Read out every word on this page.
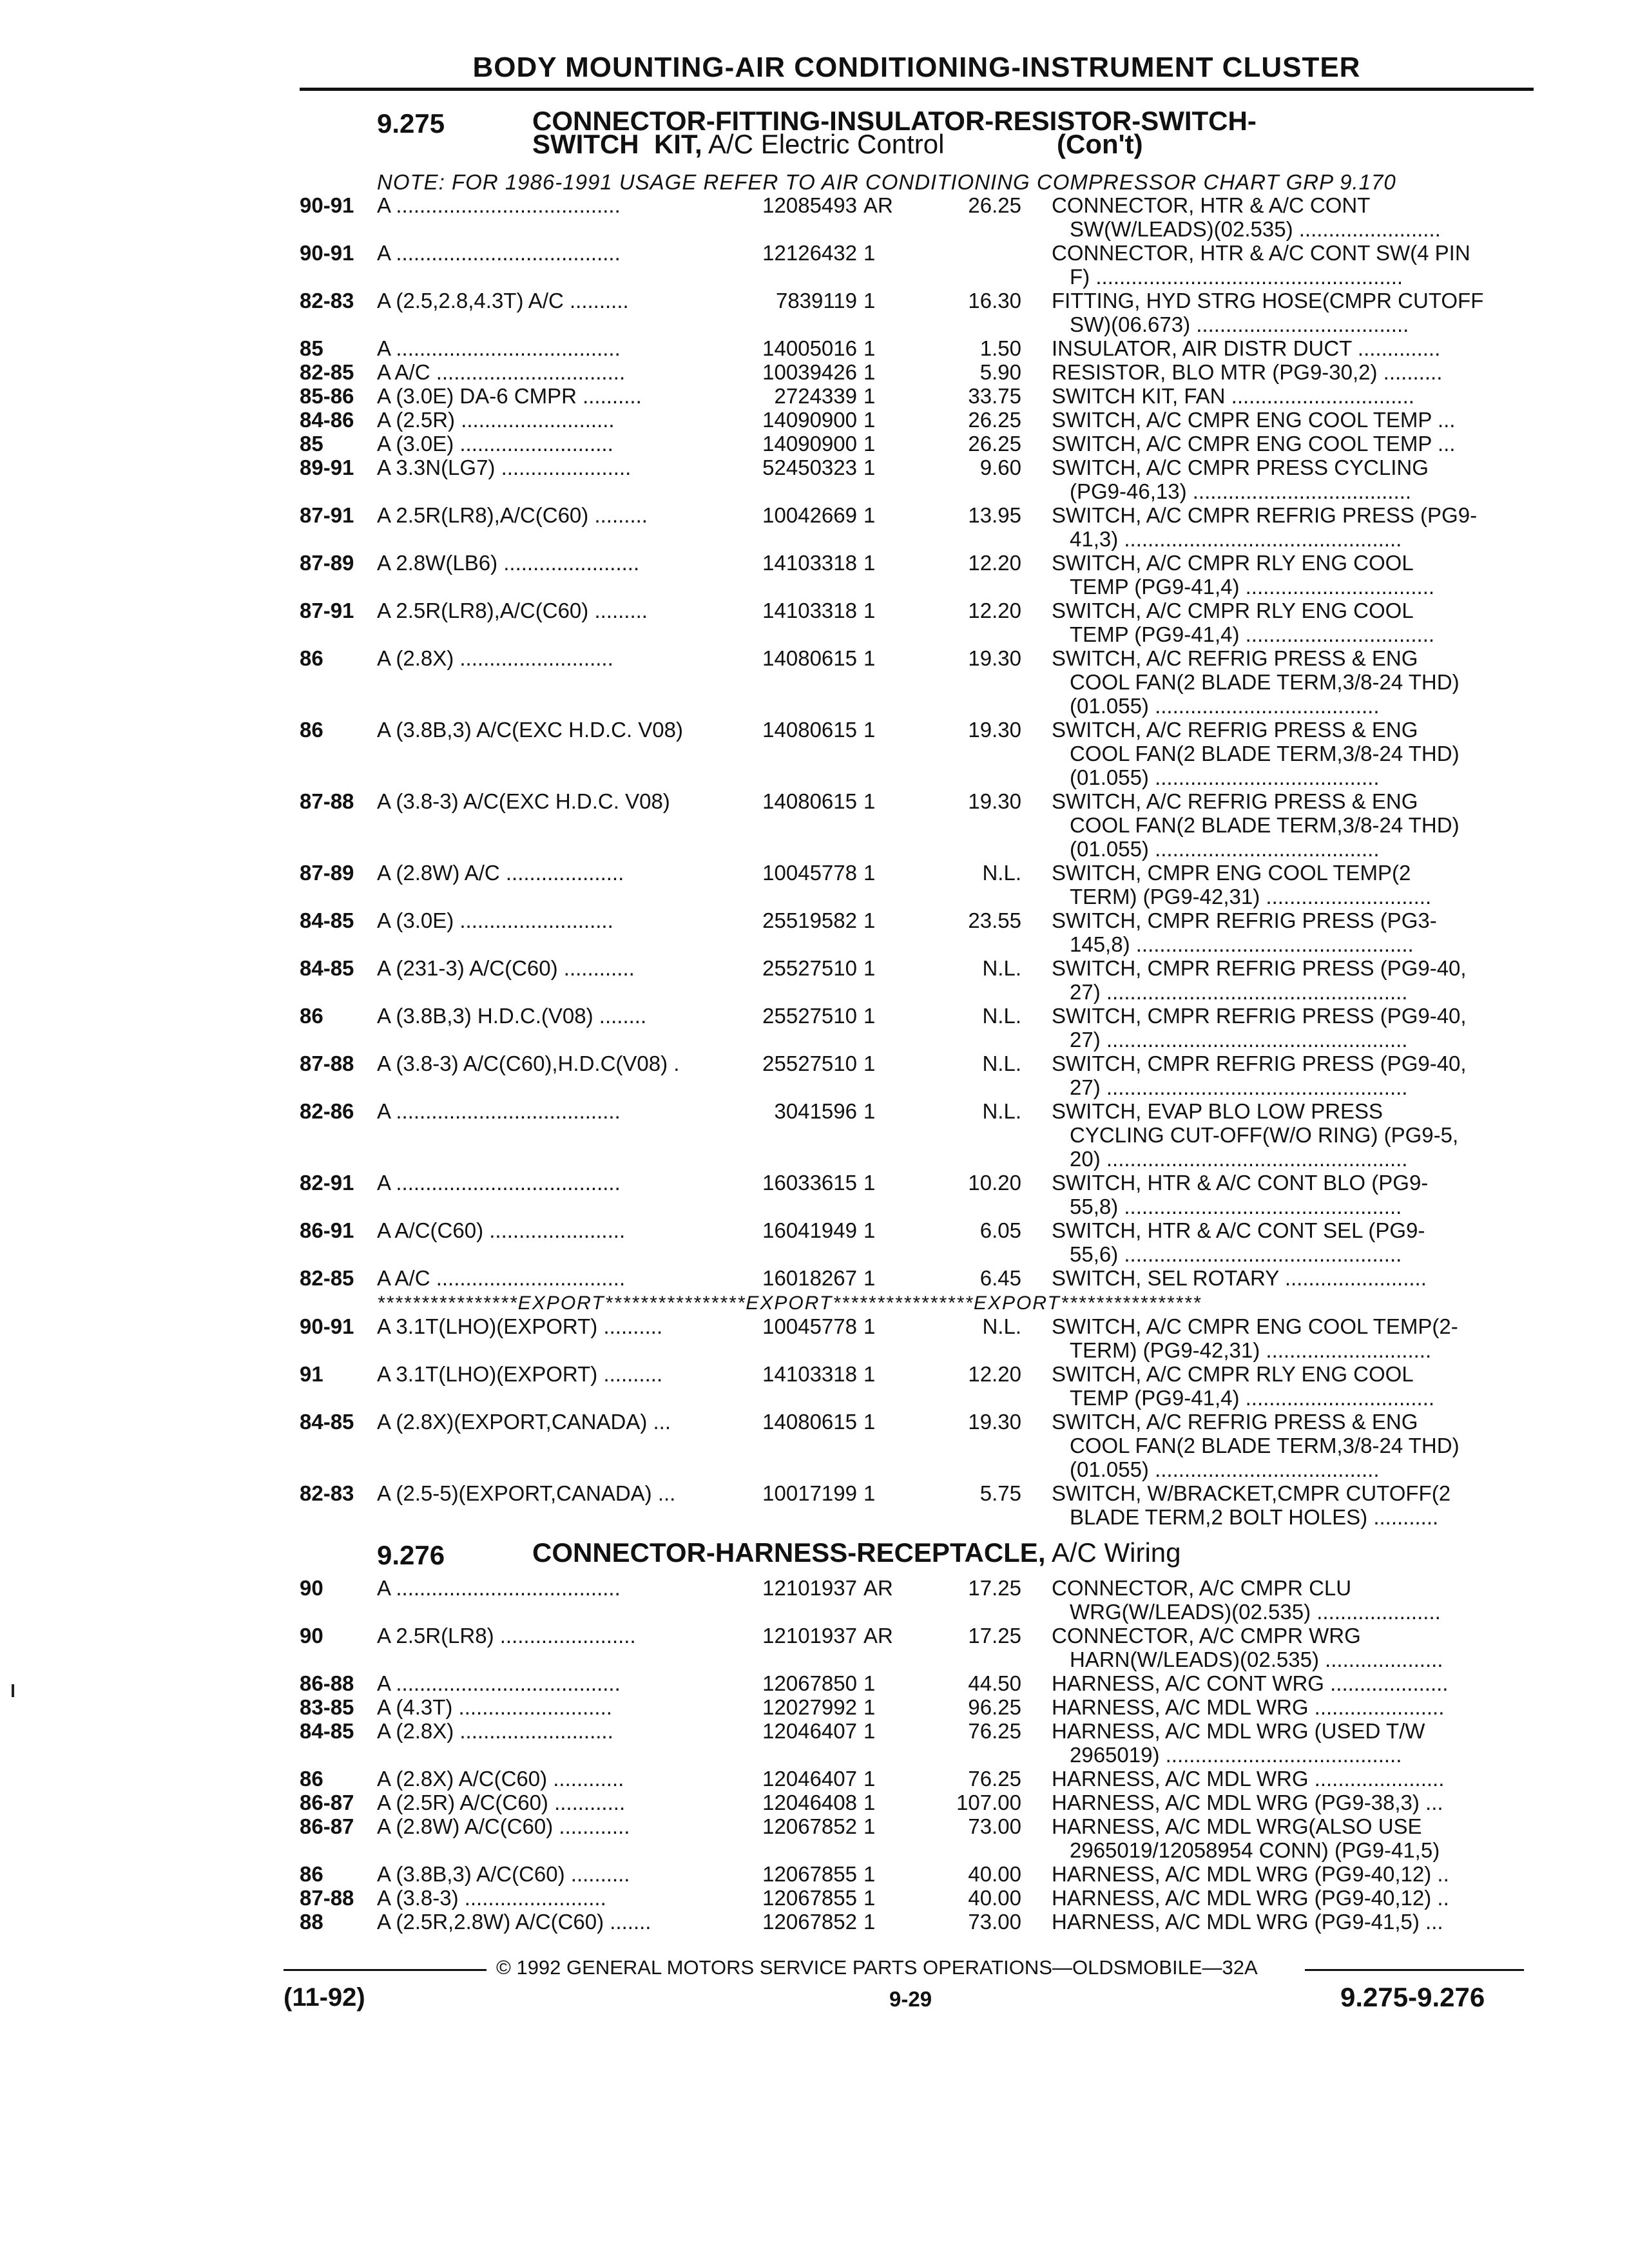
BODY MOUNTING-AIR CONDITIONING-INSTRUMENT CLUSTER
9.275	CONNECTOR-FITTING-INSULATOR-RESISTOR-SWITCH-
SWITCH  KIT, A/C Electric Control	(Con't)
NOTE: FOR 1986-1991 USAGE REFER TO AIR CONDITIONING COMPRESSOR CHART GRP 9.170
90-91 A ......................................	12085493 AR	26.25 CONNECTOR, HTR & A/C CONT
SW(W/LEADS)(02.535) ........................
90-91 A ......................................	12126432 1	CONNECTOR, HTR & A/C CONT SW(4 PIN
F) ....................................................
82-83 A (2.5,2.8,4.3T) A/C ..........	7839119 1	16.30 FITTING, HYD STRG HOSE(CMPR CUTOFF
SW)(06.673) ....................................
85	A ......................................	14005016 1	1.50 INSULATOR, AIR DISTR DUCT ..............
82-85 A A/C ................................	10039426 1	5.90 RESISTOR, BLO MTR (PG9-30,2) ..........
85-86 A (3.0E) DA-6 CMPR ..........	2724339 1	33.75 SWITCH KIT, FAN ...............................
84-86 A (2.5R) ..........................	14090900 1	26.25 SWITCH, A/C CMPR ENG COOL TEMP ...
85	A (3.0E) ..........................	14090900 1	26.25 SWITCH, A/C CMPR ENG COOL TEMP ...
89-91 A 3.3N(LG7) ......................	52450323 1	9.60 SWITCH, A/C CMPR PRESS CYCLING
(PG9-46,13) .....................................
87-91 A 2.5R(LR8),A/C(C60) .........	10042669 1	13.95 SWITCH, A/C CMPR REFRIG PRESS (PG9-
41,3) ...............................................
87-89 A 2.8W(LB6) .......................	14103318 1	12.20 SWITCH, A/C CMPR RLY ENG COOL
TEMP (PG9-41,4) ................................
87-91 A 2.5R(LR8),A/C(C60) .........	14103318 1	12.20 SWITCH, A/C CMPR RLY ENG COOL
TEMP (PG9-41,4) ................................
86	A (2.8X) ..........................	14080615 1	19.30 SWITCH, A/C REFRIG PRESS & ENG
COOL FAN(2 BLADE TERM,3/8-24 THD)
(01.055) ......................................
86	A (3.8B,3) A/C(EXC H.D.C. V08)	14080615 1	19.30 SWITCH, A/C REFRIG PRESS & ENG
COOL FAN(2 BLADE TERM,3/8-24 THD)
(01.055) ......................................
87-88 A (3.8-3) A/C(EXC H.D.C. V08)	14080615 1	19.30 SWITCH, A/C REFRIG PRESS & ENG
COOL FAN(2 BLADE TERM,3/8-24 THD)
(01.055) ......................................
87-89 A (2.8W) A/C ....................	10045778 1	N.L. SWITCH, CMPR ENG COOL TEMP(2
TERM) (PG9-42,31) ............................
84-85 A (3.0E) ..........................	25519582 1	23.55 SWITCH, CMPR REFRIG PRESS (PG3-
145,8) ...............................................
84-85 A (231-3) A/C(C60) ............	25527510 1	N.L. SWITCH, CMPR REFRIG PRESS (PG9-40,
27) ...................................................
86	A (3.8B,3) H.D.C.(V08) ........	25527510 1	N.L. SWITCH, CMPR REFRIG PRESS (PG9-40,
27) ...................................................
87-88 A (3.8-3) A/C(C60),H.D.C(V08) .	25527510 1	N.L. SWITCH, CMPR REFRIG PRESS (PG9-40,
27) ...................................................
82-86 A ......................................	3041596 1	N.L. SWITCH, EVAP BLO LOW PRESS
CYCLING CUT-OFF(W/O RING) (PG9-5,
20) ...................................................
82-91 A ......................................	16033615 1	10.20 SWITCH, HTR & A/C CONT BLO (PG9-
55,8) ...............................................
86-91 A A/C(C60) .......................	16041949 1	6.05 SWITCH, HTR & A/C CONT SEL (PG9-
55,6) ...............................................
82-85 A A/C ................................	16018267 1	6.45 SWITCH, SEL ROTARY ........................
****************EXPORT****************EXPORT****************EXPORT****************
90-91 A 3.1T(LHO)(EXPORT) ..........	10045778 1	N.L. SWITCH, A/C CMPR ENG COOL TEMP(2-
TERM) (PG9-42,31) ............................
91	A 3.1T(LHO)(EXPORT) ..........	14103318 1	12.20 SWITCH, A/C CMPR RLY ENG COOL
TEMP (PG9-41,4) ................................
84-85 A (2.8X)(EXPORT,CANADA) ...	14080615 1	19.30 SWITCH, A/C REFRIG PRESS & ENG
COOL FAN(2 BLADE TERM,3/8-24 THD)
(01.055) ......................................
82-83 A (2.5-5)(EXPORT,CANADA) ...	10017199 1	5.75 SWITCH, W/BRACKET,CMPR CUTOFF(2
BLADE TERM,2 BOLT HOLES) ...........
9.276	CONNECTOR-HARNESS-RECEPTACLE, A/C Wiring
90	A ......................................	12101937 AR	17.25 CONNECTOR, A/C CMPR CLU
WRG(W/LEADS)(02.535) .....................
90	A 2.5R(LR8) .......................	12101937 AR	17.25 CONNECTOR, A/C CMPR WRG
HARN(W/LEADS)(02.535) ....................
86-88 A ......................................	12067850 1	44.50 HARNESS, A/C CONT WRG ....................
83-85 A (4.3T) ..........................	12027992 1	96.25 HARNESS, A/C MDL WRG ......................
84-85 A (2.8X) ..........................	12046407 1	76.25 HARNESS, A/C MDL WRG (USED T/W
2965019) ........................................
86	A (2.8X) A/C(C60) ............	12046407 1	76.25 HARNESS, A/C MDL WRG ......................
86-87 A (2.5R) A/C(C60) ............	12046408 1	107.00 HARNESS, A/C MDL WRG (PG9-38,3) ...
86-87 A (2.8W) A/C(C60) ............	12067852 1	73.00 HARNESS, A/C MDL WRG(ALSO USE
2965019/12058954 CONN) (PG9-41,5)
86	A (3.8B,3) A/C(C60) ..........	12067855 1	40.00 HARNESS, A/C MDL WRG (PG9-40,12) ..
87-88 A (3.8-3) ........................	12067855 1	40.00 HARNESS, A/C MDL WRG (PG9-40,12) ..
88	A (2.5R,2.8W) A/C(C60) .......	12067852 1	73.00 HARNESS, A/C MDL WRG (PG9-41,5) ...
© 1992 GENERAL MOTORS SERVICE PARTS OPERATIONS—OLDSMOBILE—32A
(11-92)	9-29	9.275-9.276
